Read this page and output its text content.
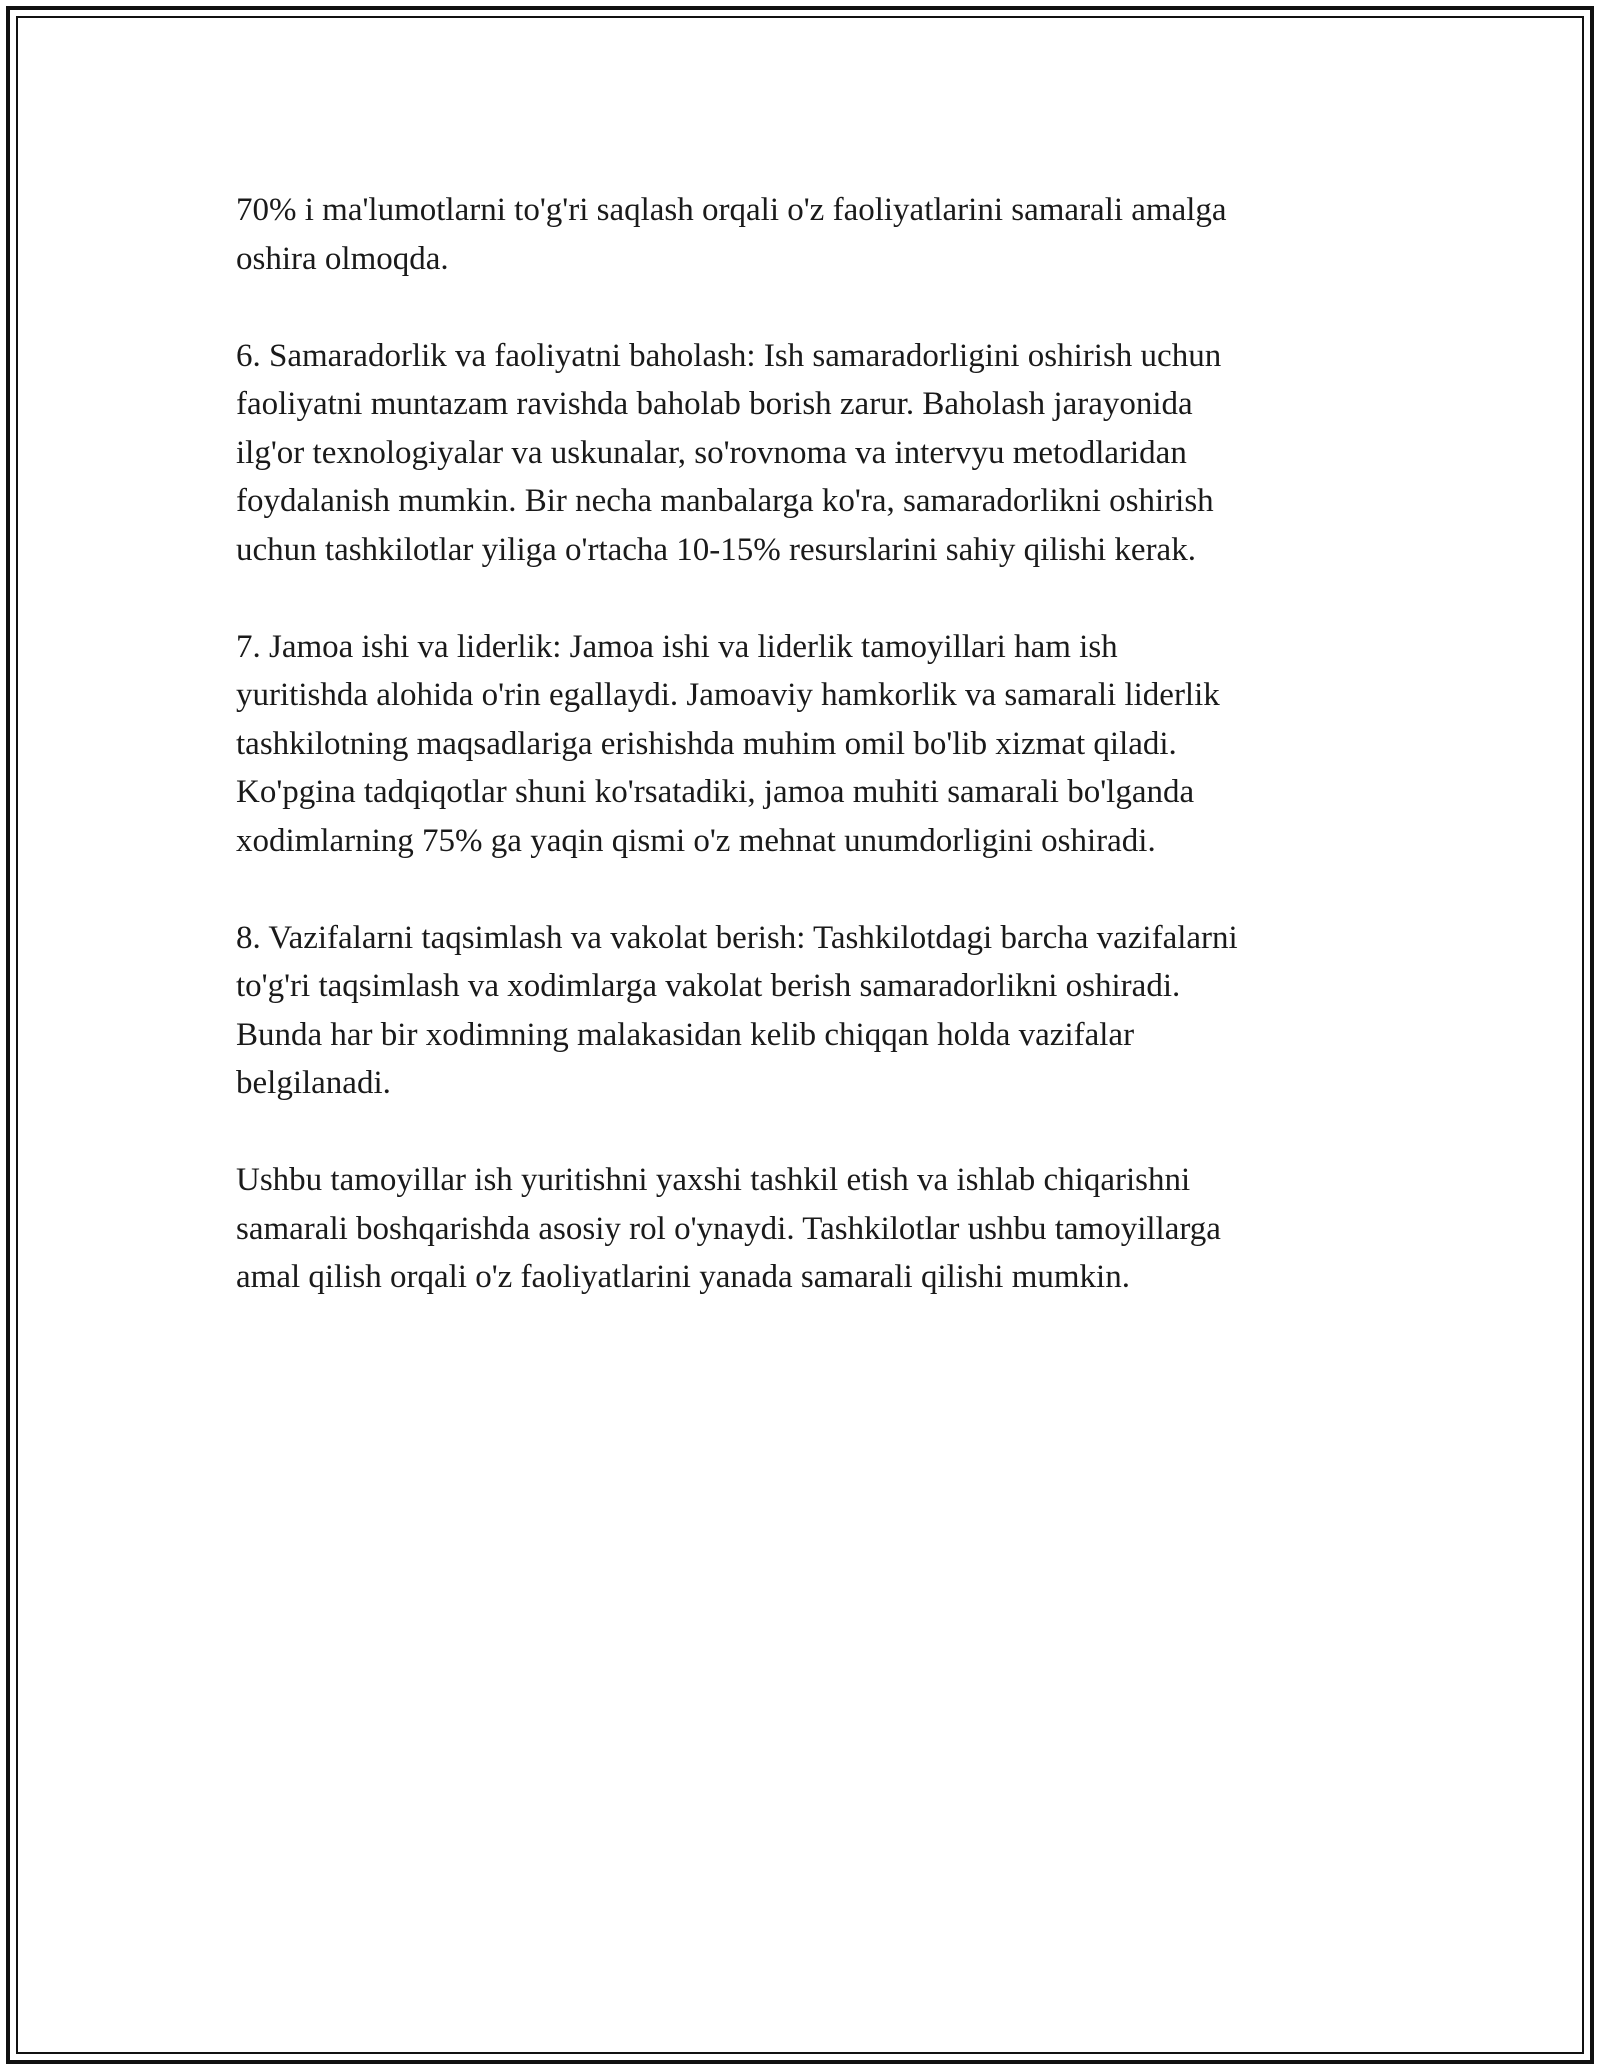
70% i ma'lumotlarni to'g'ri saqlash orqali o'z faoliyatlarini samarali amalga
oshira olmoqda.

6. Samaradorlik va faoliyatni baholash: Ish samaradorligini oshirish uchun
faoliyatni muntazam ravishda baholab borish zarur. Baholash jarayonida
ilg'or texnologiyalar va uskunalar, so'rovnoma va intervyu metodlaridan
foydalanish mumkin. Bir necha manbalarga ko'ra, samaradorlikni oshirish
uchun tashkilotlar yiliga o'rtacha 10-15% resurslarini sahiy qilishi kerak.

7. Jamoa ishi va liderlik: Jamoa ishi va liderlik tamoyillari ham ish
yuritishda alohida o'rin egallaydi. Jamoaviy hamkorlik va samarali liderlik
tashkilotning maqsadlariga erishishda muhim omil bo'lib xizmat qiladi.
Ko'pgina tadqiqotlar shuni ko'rsatadiki, jamoa muhiti samarali bo'lganda
xodimlarning 75% ga yaqin qismi o'z mehnat unumdorligini oshiradi.

8. Vazifalarni taqsimlash va vakolat berish: Tashkilotdagi barcha vazifalarni
to'g'ri taqsimlash va xodimlarga vakolat berish samaradorlikni oshiradi.
Bunda har bir xodimning malakasidan kelib chiqqan holda vazifalar
belgilanadi.

Ushbu tamoyillar ish yuritishni yaxshi tashkil etish va ishlab chiqarishni
samarali boshqarishda asosiy rol o'ynaydi. Tashkilotlar ushbu tamoyillarga
amal qilish orqali o'z faoliyatlarini yanada samarali qilishi mumkin.
